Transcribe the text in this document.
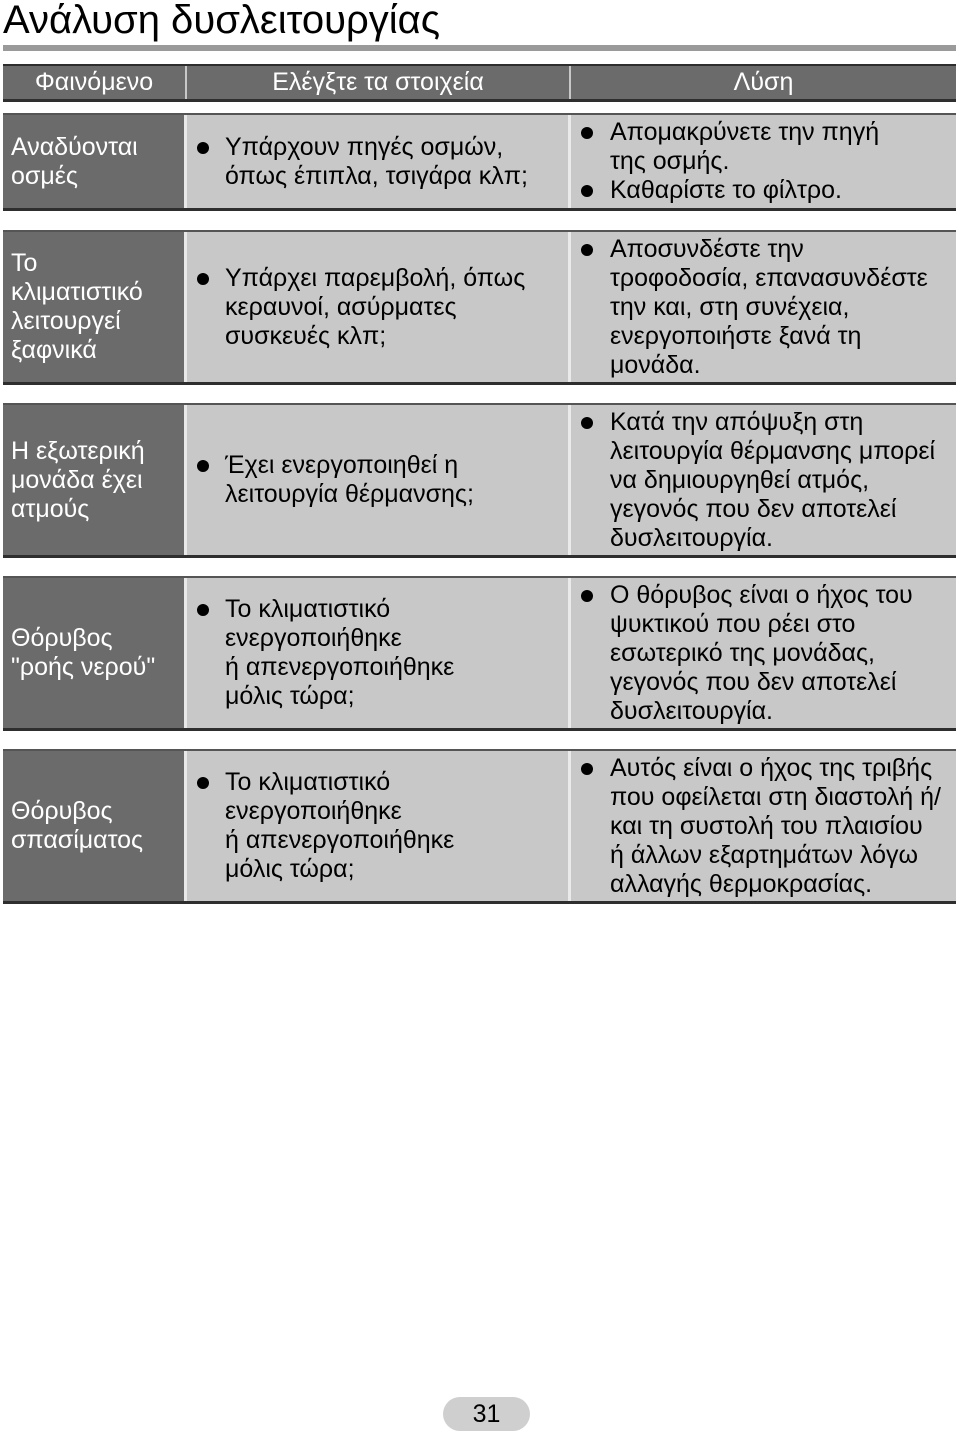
Ανάλυση δυσλειτουργίας
Φαινόμενο	Ελέγξτε τα στοιχεία	Λύση
Αναδύονται
οσμές
Υπάρχουν πηγές οσμών,
όπως έπιπλα, τσιγάρα κλπ;
Απομακρύνετε την πηγή
της οσμής.
Καθαρίστε το φίλτρο.
Το
κλιματιστικό
λειτουργεί
ξαφνικά
Υπάρχει παρεμβολή, όπως
κεραυνοί, ασύρματες
συσκευές κλπ;
Αποσυνδέστε την
τροφοδοσία, επανασυνδέστε
την και, στη συνέχεια,
ενεργοποιήστε ξανά τη
μονάδα.
Η εξωτερική
μονάδα έχει
ατμούς
Έχει ενεργοποιηθεί η
λειτουργία θέρμανσης;
Κατά την απόψυξη στη
λειτουργία θέρμανσης μπορεί
να δημιουργηθεί ατμός,
γεγονός που δεν αποτελεί
δυσλειτουργία.
Θόρυβος
"ροής νερού"
Το κλιματιστικό
ενεργοποιήθηκε
ή απενεργοποιήθηκε
μόλις τώρα;
Ο θόρυβος είναι ο ήχος του
ψυκτικού που ρέει στο
εσωτερικό της μονάδας,
γεγονός που δεν αποτελεί
δυσλειτουργία.
Θόρυβος
σπασίματος
Το κλιματιστικό
ενεργοποιήθηκε
ή απενεργοποιήθηκε
μόλις τώρα;
Αυτός είναι ο ήχος της τριβής
που οφείλεται στη διαστολή ή/
και τη συστολή του πλαισίου
ή άλλων εξαρτημάτων λόγω
αλλαγής θερμοκρασίας.
31
